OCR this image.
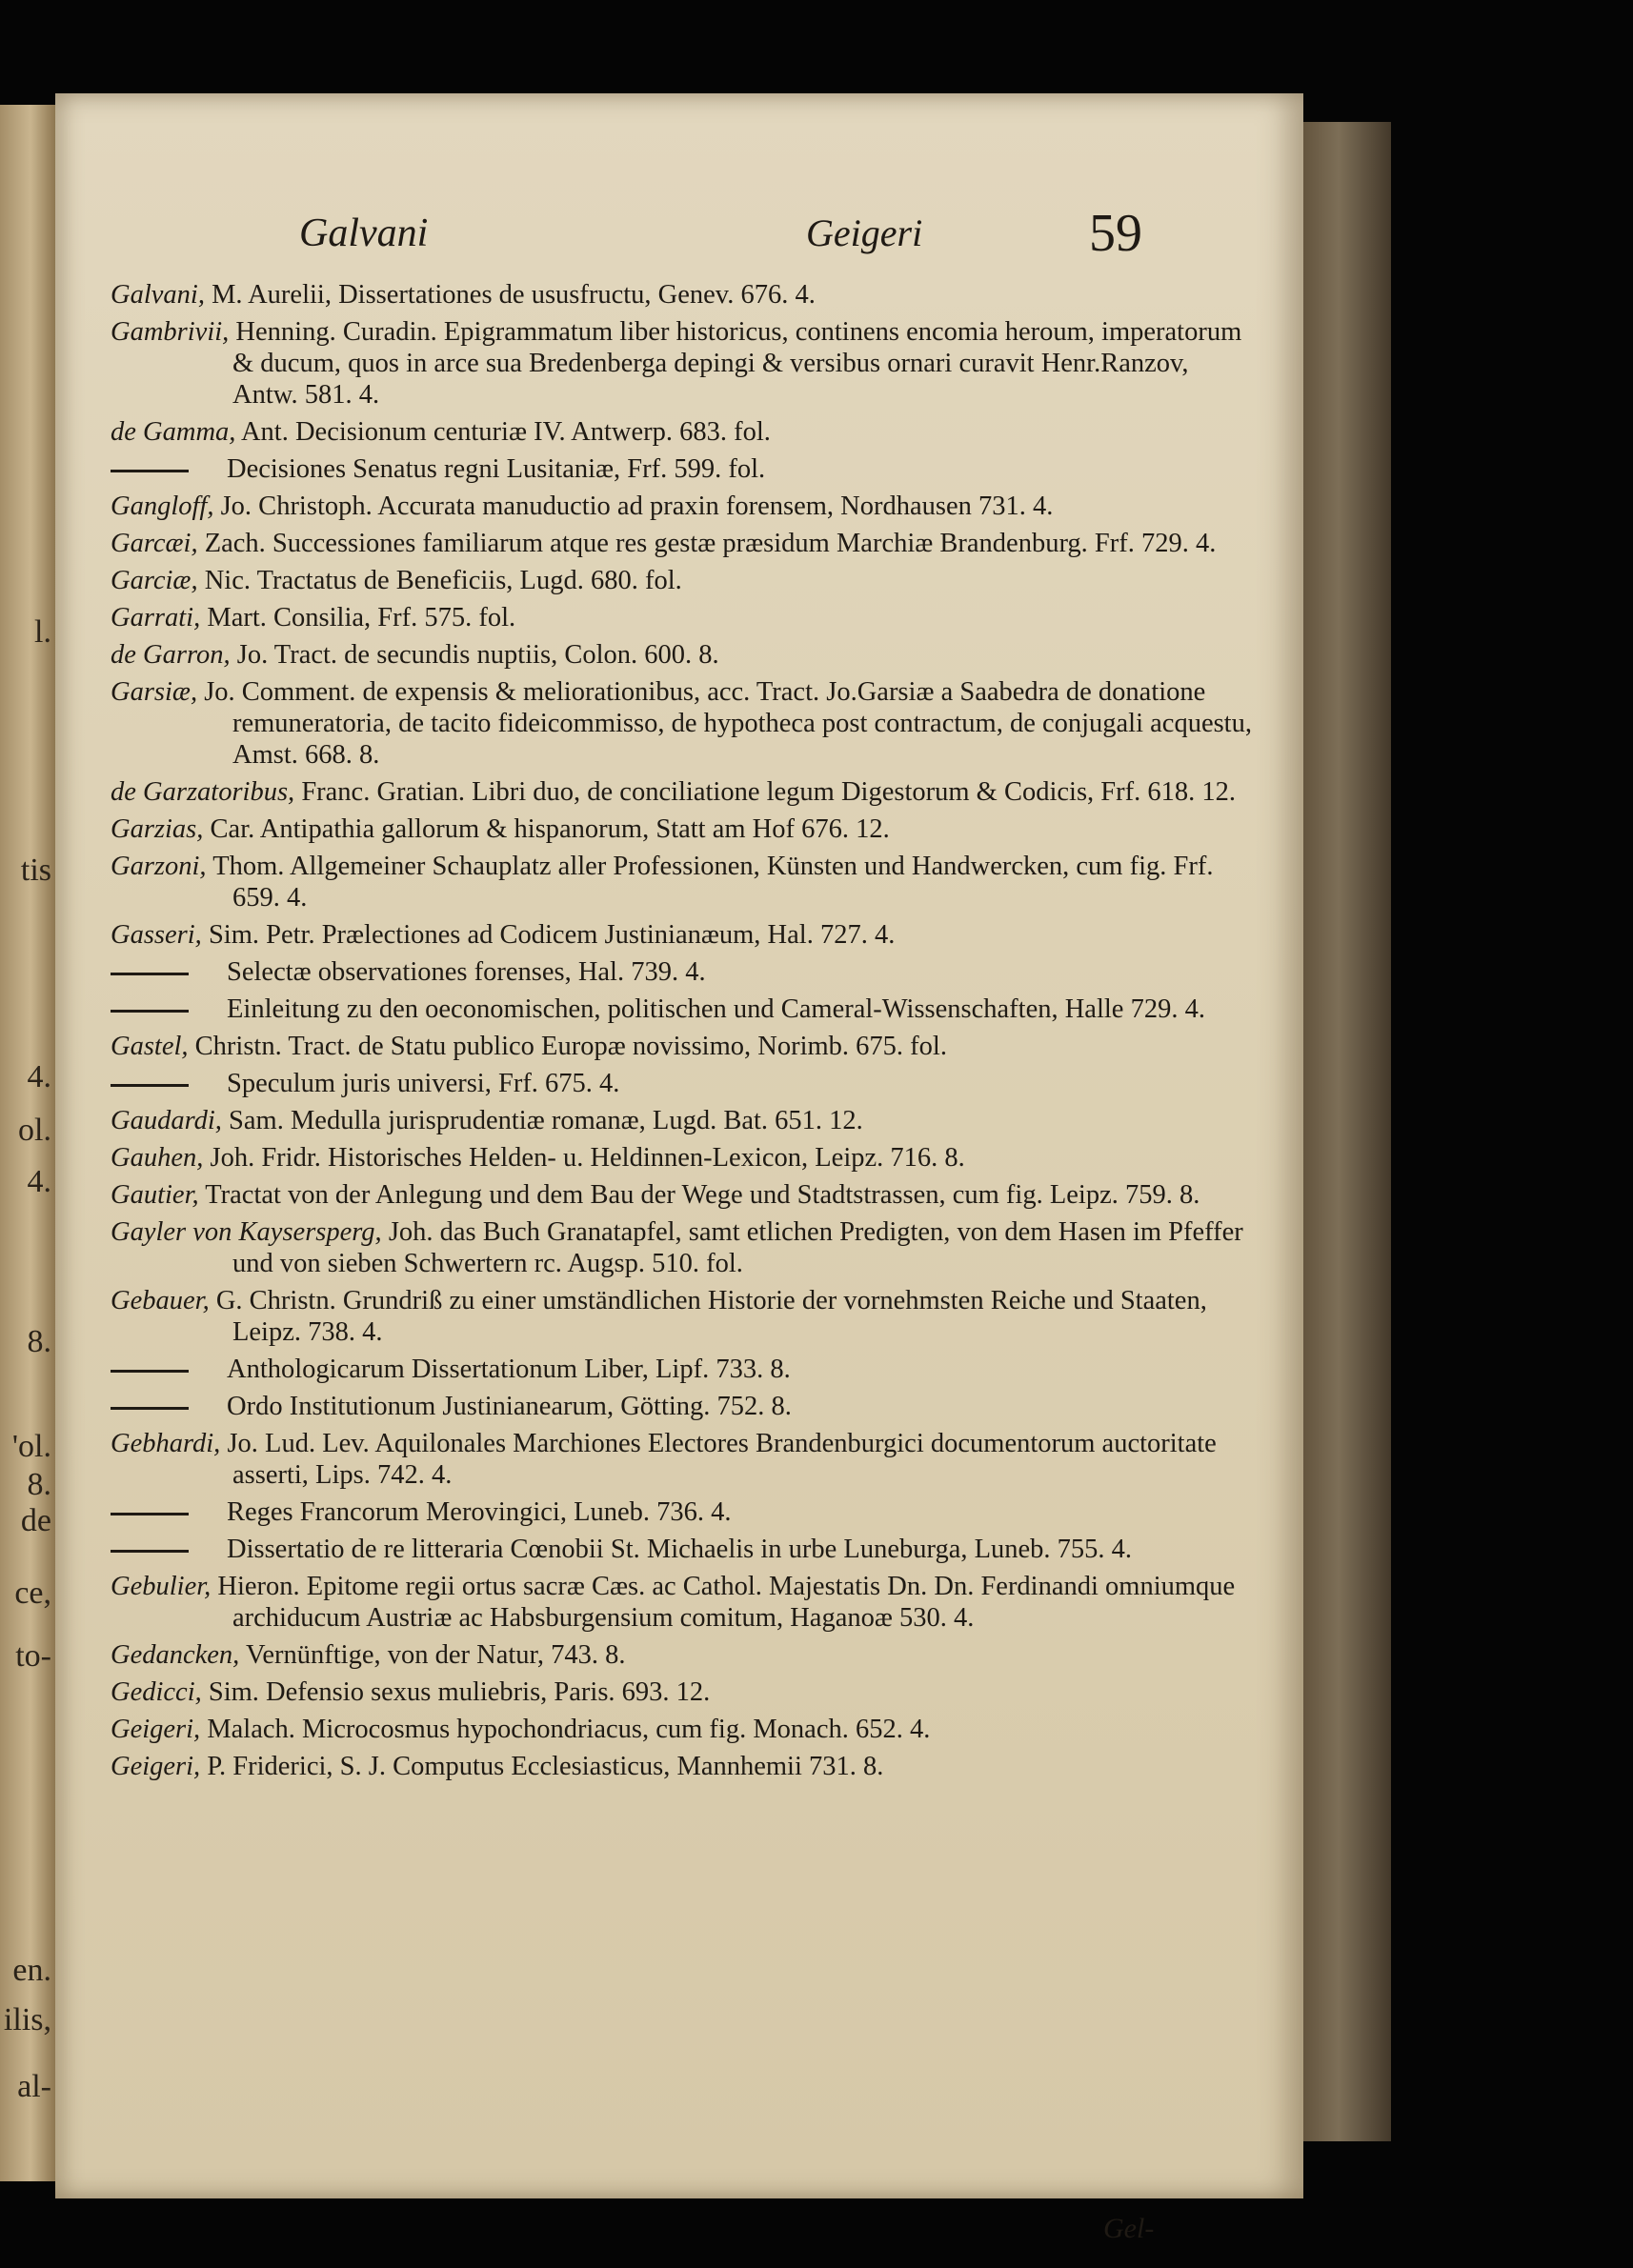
l.
tis
4.
ol.
4.
8.
'ol.
8.
de
ce,
to-
en.
ilis,
al-
Galvani	Geigeri	59
Galvani, M. Aurelii, Dissertationes de ususfructu, Genev. 676. 4.
Gambrivii, Henning. Curadin. Epigrammatum liber historicus, continens encomia heroum, imperatorum & ducum, quos in arce sua Bredenberga depingi & versibus ornari curavit Henr.Ranzov, Antw. 581. 4.
de Gamma, Ant. Decisionum centuriæ IV. Antwerp. 683. fol.
Decisiones Senatus regni Lusitaniæ, Frf. 599. fol.
Gangloff, Jo. Christoph. Accurata manuductio ad praxin forensem, Nordhausen 731. 4.
Garcæi, Zach. Successiones familiarum atque res gestæ præsidum Marchiæ Brandenburg. Frf. 729. 4.
Garciæ, Nic. Tractatus de Beneficiis, Lugd. 680. fol.
Garrati, Mart. Consilia, Frf. 575. fol.
de Garron, Jo. Tract. de secundis nuptiis, Colon. 600. 8.
Garsiæ, Jo. Comment. de expensis & meliorationibus, acc. Tract. Jo.Garsiæ a Saabedra de donatione remuneratoria, de tacito fideicommisso, de hypotheca post contractum, de conjugali acquestu, Amst. 668. 8.
de Garzatoribus, Franc. Gratian. Libri duo, de conciliatione legum Digestorum & Codicis, Frf. 618. 12.
Garzias, Car. Antipathia gallorum & hispanorum, Statt am Hof 676. 12.
Garzoni, Thom. Allgemeiner Schauplatz aller Professionen, Künsten und Handwercken, cum fig. Frf. 659. 4.
Gasseri, Sim. Petr. Prælectiones ad Codicem Justinianæum, Hal. 727. 4.
Selectæ observationes forenses, Hal. 739. 4.
Einleitung zu den oeconomischen, politischen und Cameral-Wissenschaften, Halle 729. 4.
Gastel, Christn. Tract. de Statu publico Europæ novissimo, Norimb. 675. fol.
Speculum juris universi, Frf. 675. 4.
Gaudardi, Sam. Medulla jurisprudentiæ romanæ, Lugd. Bat. 651. 12.
Gauhen, Joh. Fridr. Historisches Helden- u. Heldinnen-Lexicon, Leipz. 716. 8.
Gautier, Tractat von der Anlegung und dem Bau der Wege und Stadtstrassen, cum fig. Leipz. 759. 8.
Gayler von Kaysersperg, Joh. das Buch Granatapfel, samt etlichen Predigten, von dem Hasen im Pfeffer und von sieben Schwertern rc. Augsp. 510. fol.
Gebauer, G. Christn. Grundriß zu einer umständlichen Historie der vornehmsten Reiche und Staaten, Leipz. 738. 4.
Anthologicarum Dissertationum Liber, Lipf. 733. 8.
Ordo Institutionum Justinianearum, Götting. 752. 8.
Gebhardi, Jo. Lud. Lev. Aquilonales Marchiones Electores Brandenburgici documentorum auctoritate asserti, Lips. 742. 4.
Reges Francorum Merovingici, Luneb. 736. 4.
Dissertatio de re litteraria Cœnobii St. Michaelis in urbe Luneburga, Luneb. 755. 4.
Gebulier, Hieron. Epitome regii ortus sacræ Cæs. ac Cathol. Majestatis Dn. Dn. Ferdinandi omniumque archiducum Austriæ ac Habsburgensium comitum, Haganoæ 530. 4.
Gedancken, Vernünftige, von der Natur, 743. 8.
Gedicci, Sim. Defensio sexus muliebris, Paris. 693. 12.
Geigeri, Malach. Microcosmus hypochondriacus, cum fig. Monach. 652. 4.
Geigeri, P. Friderici, S. J. Computus Ecclesiasticus, Mannhemii 731. 8.
Gel-
